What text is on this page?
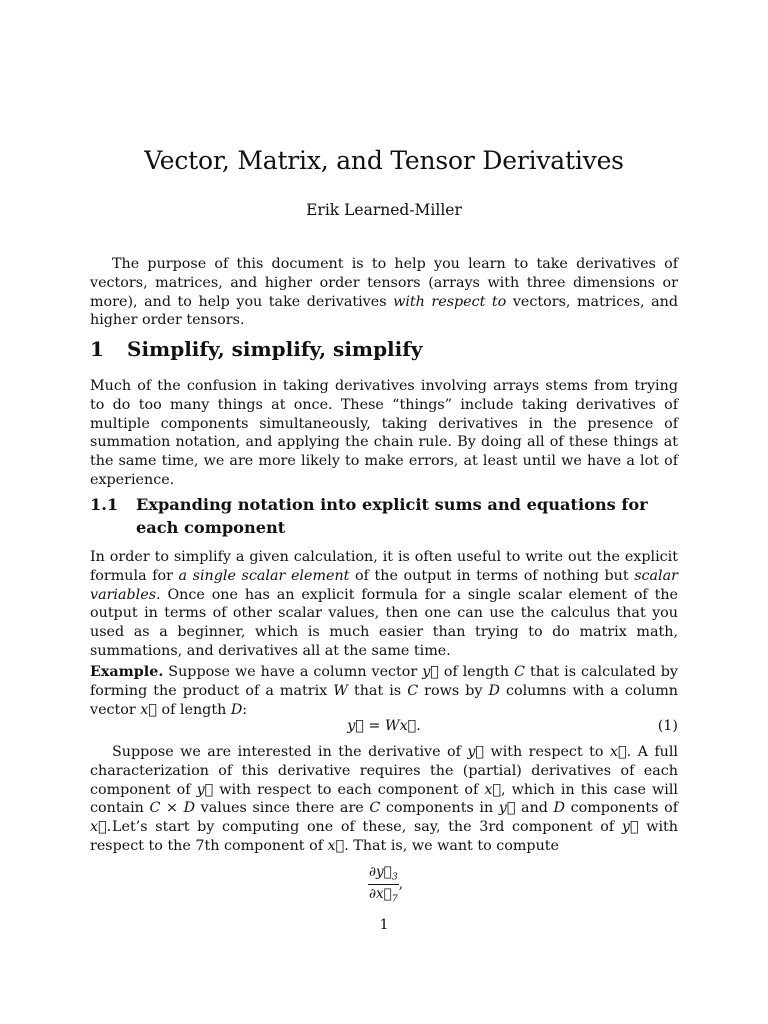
Vector, Matrix, and Tensor Derivatives
Erik Learned-Miller
The purpose of this document is to help you learn to take derivatives of vectors, matrices, and higher order tensors (arrays with three dimensions or more), and to help you take derivatives with respect to vectors, matrices, and higher order tensors.
1 Simplify, simplify, simplify
Much of the confusion in taking derivatives involving arrays stems from trying to do too many things at once. These “things” include taking derivatives of multiple components simultaneously, taking derivatives in the presence of summation notation, and applying the chain rule. By doing all of these things at the same time, we are more likely to make errors, at least until we have a lot of experience.
1.1 Expanding notation into explicit sums and equations for each component
In order to simplify a given calculation, it is often useful to write out the explicit formula for a single scalar element of the output in terms of nothing but scalar variables. Once one has an explicit formula for a single scalar element of the output in terms of other scalar values, then one can use the calculus that you used as a beginner, which is much easier than trying to do matrix math, summations, and derivatives all at the same time.
Example. Suppose we have a column vector y⃗ of length C that is calculated by forming the product of a matrix W that is C rows by D columns with a column vector x⃗ of length D:
y⃗ = Wx⃗.	(1)
Suppose we are interested in the derivative of y⃗ with respect to x⃗. A full characterization of this derivative requires the (partial) derivatives of each component of y⃗ with respect to each component of x⃗, which in this case will contain C × D values since there are C components in y⃗ and D components of x⃗. Let’s start by computing one of these, say, the 3rd component of y⃗ with respect to the 7th component of x⃗. That is, we want to compute
$\frac{\partial y⃗_3}{\partial x⃗_7}$ ,
1
